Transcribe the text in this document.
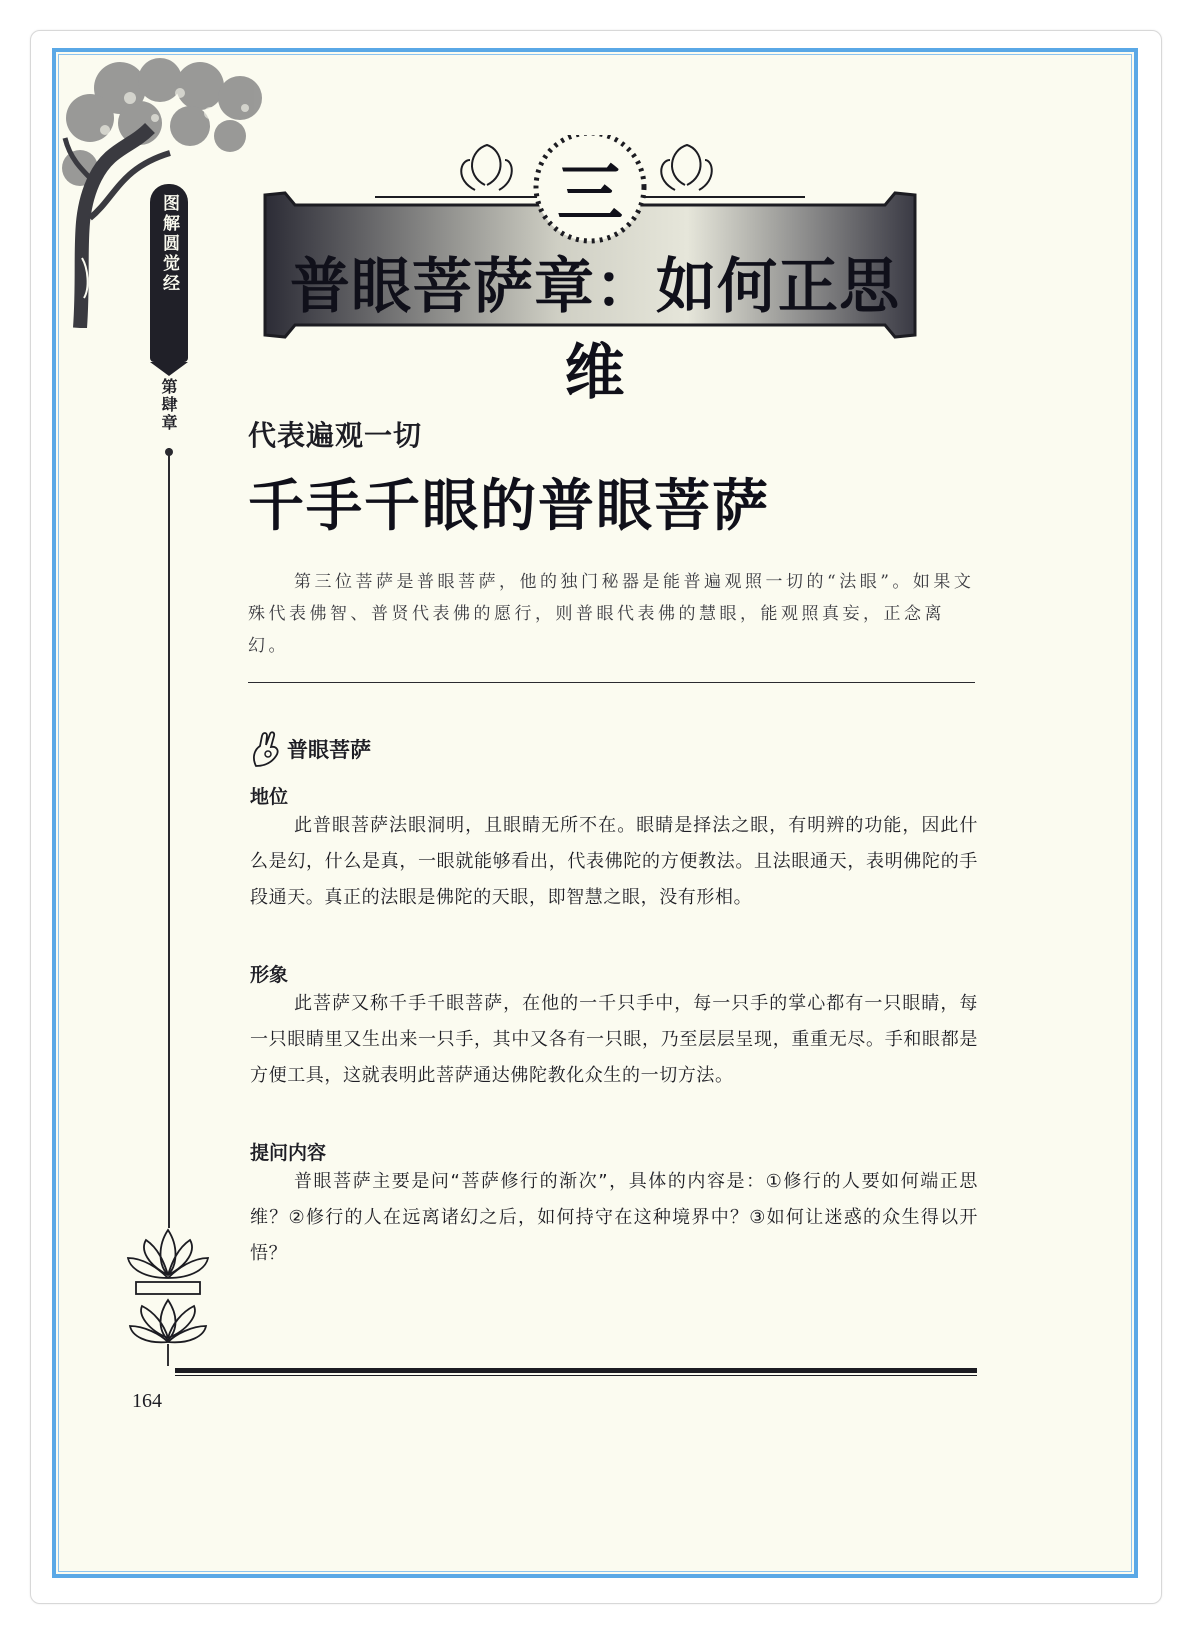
图解圆觉经
第肆章
三
普眼菩萨章：如何正思维
代表遍观一切
千手千眼的普眼菩萨

第三位菩萨是普眼菩萨，他的独门秘器是能普遍观照一切的“法眼”。如果文殊代表佛智、普贤代表佛的愿行，则普眼代表佛的慧眼，能观照真妄，正念离幻。

普眼菩萨
地位

此普眼菩萨法眼洞明，且眼睛无所不在。眼睛是择法之眼，有明辨的功能，因此什么是幻，什么是真，一眼就能够看出，代表佛陀的方便教法。且法眼通天，表明佛陀的手段通天。真正的法眼是佛陀的天眼，即智慧之眼，没有形相。

形象

此菩萨又称千手千眼菩萨，在他的一千只手中，每一只手的掌心都有一只眼睛，每一只眼睛里又生出来一只手，其中又各有一只眼，乃至层层呈现，重重无尽。手和眼都是方便工具，这就表明此菩萨通达佛陀教化众生的一切方法。

提问内容

普眼菩萨主要是问“菩萨修行的渐次”，具体的内容是：①修行的人要如何端正思维？②修行的人在远离诸幻之后，如何持守在这种境界中？③如何让迷惑的众生得以开悟？

164
